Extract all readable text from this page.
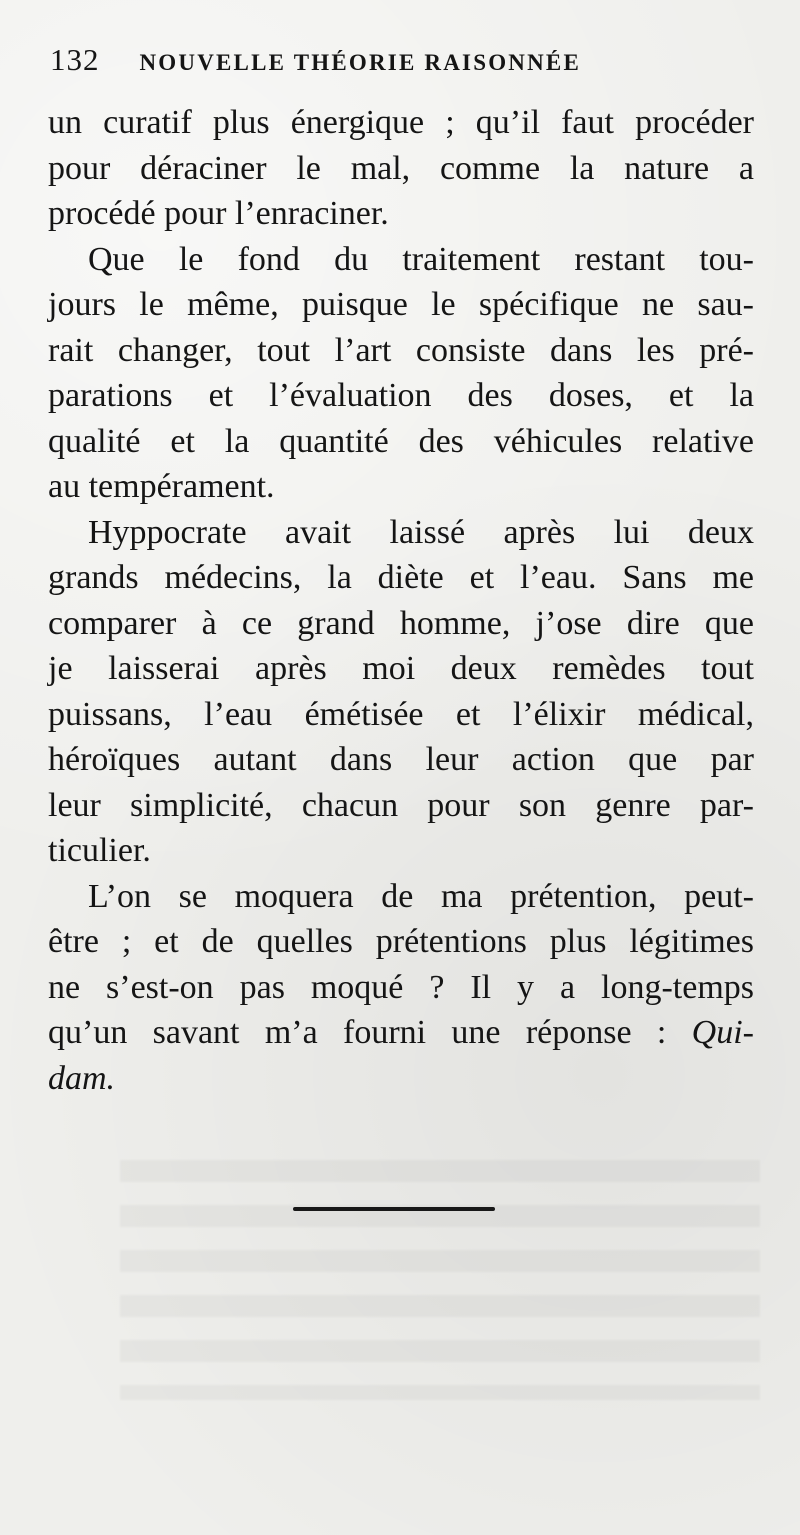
132 NOUVELLE THÉORIE RAISONNÉE
un curatif plus énergique ; qu’il faut procéder
pour déraciner le mal, comme la nature a
procédé pour l’enraciner.
Que le fond du traitement restant tou-
jours le même, puisque le spécifique ne sau-
rait changer, tout l’art consiste dans les pré-
parations et l’évaluation des doses, et la
qualité et la quantité des véhicules relative
au tempérament.
Hyppocrate avait laissé après lui deux
grands médecins, la diète et l’eau. Sans me
comparer à ce grand homme, j’ose dire que
je laisserai après moi deux remèdes tout
puissans, l’eau émétisée et l’élixir médical,
héroïques autant dans leur action que par
leur simplicité, chacun pour son genre par-
ticulier.
L’on se moquera de ma prétention, peut-
être ; et de quelles prétentions plus légitimes
ne s’est-on pas moqué ? Il y a long-temps
qu’un savant m’a fourni une réponse : Qui-
dam.
